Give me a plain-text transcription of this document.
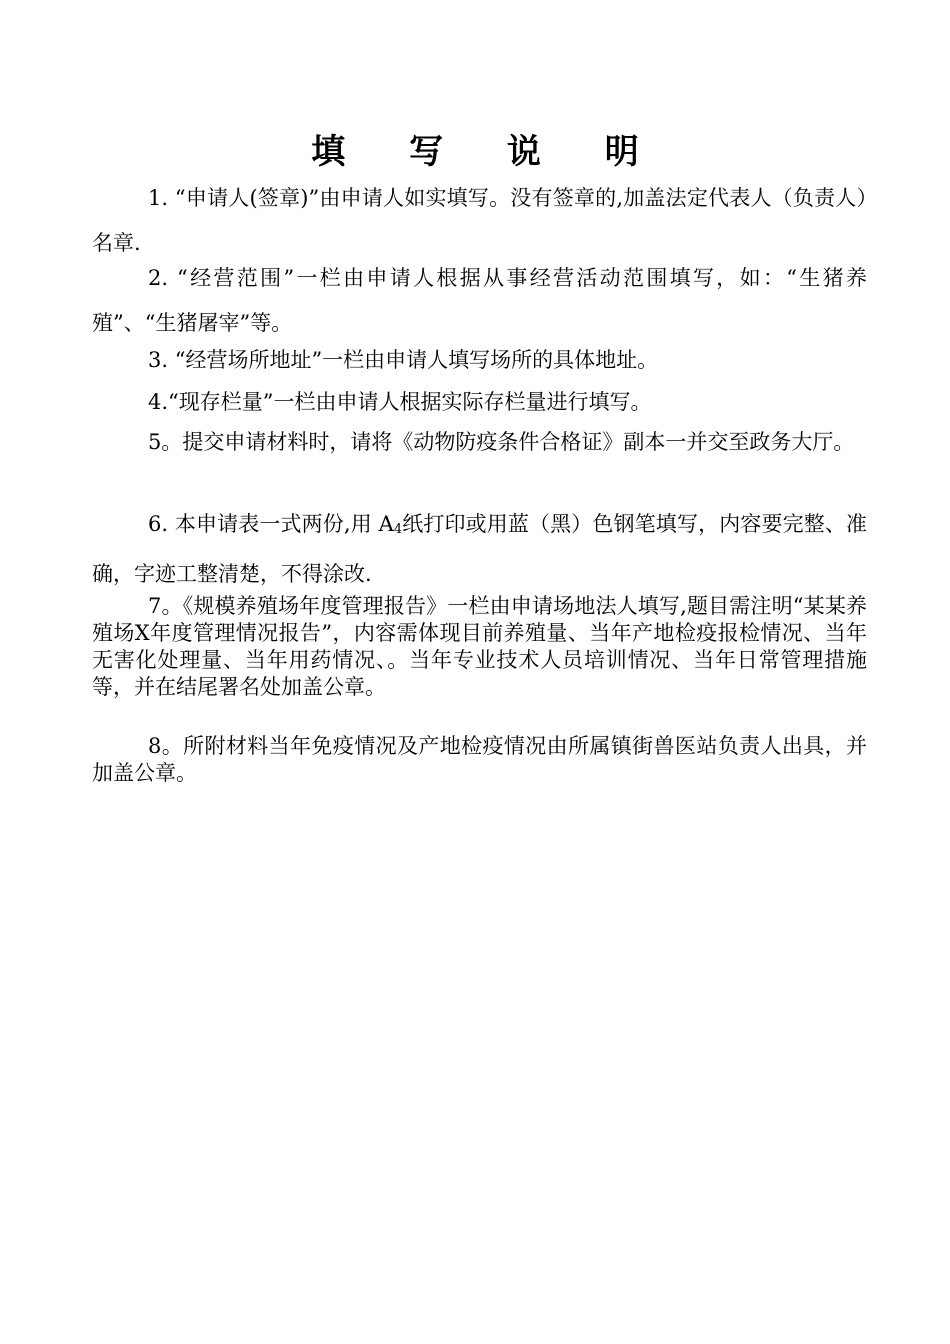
填 写 说 明

1. “申请人(签章)”由申请人如实填写。没有签章的,加盖法定代表人（负责人）名章.

2. “经营范围”一栏由申请人根据从事经营活动范围填写，如：“生猪养殖”、“生猪屠宰”等。

3. “经营场所地址”一栏由申请人填写场所的具体地址。

4.“现存栏量”一栏由申请人根据实际存栏量进行填写。

5。提交申请材料时，请将《动物防疫条件合格证》副本一并交至政务大厅。

6. 本申请表一式两份,用 A4纸打印或用蓝（黑）色钢笔填写，内容要完整、准确，字迹工整清楚，不得涂改.

7。《规模养殖场年度管理报告》一栏由申请场地法人填写,题目需注明“某某养殖场X年度管理情况报告”，内容需体现目前养殖量、当年产地检疫报检情况、当年无害化处理量、当年用药情况、。当年专业技术人员培训情况、当年日常管理措施等，并在结尾署名处加盖公章。

8。所附材料当年免疫情况及产地检疫情况由所属镇街兽医站负责人出具，并加盖公章。
